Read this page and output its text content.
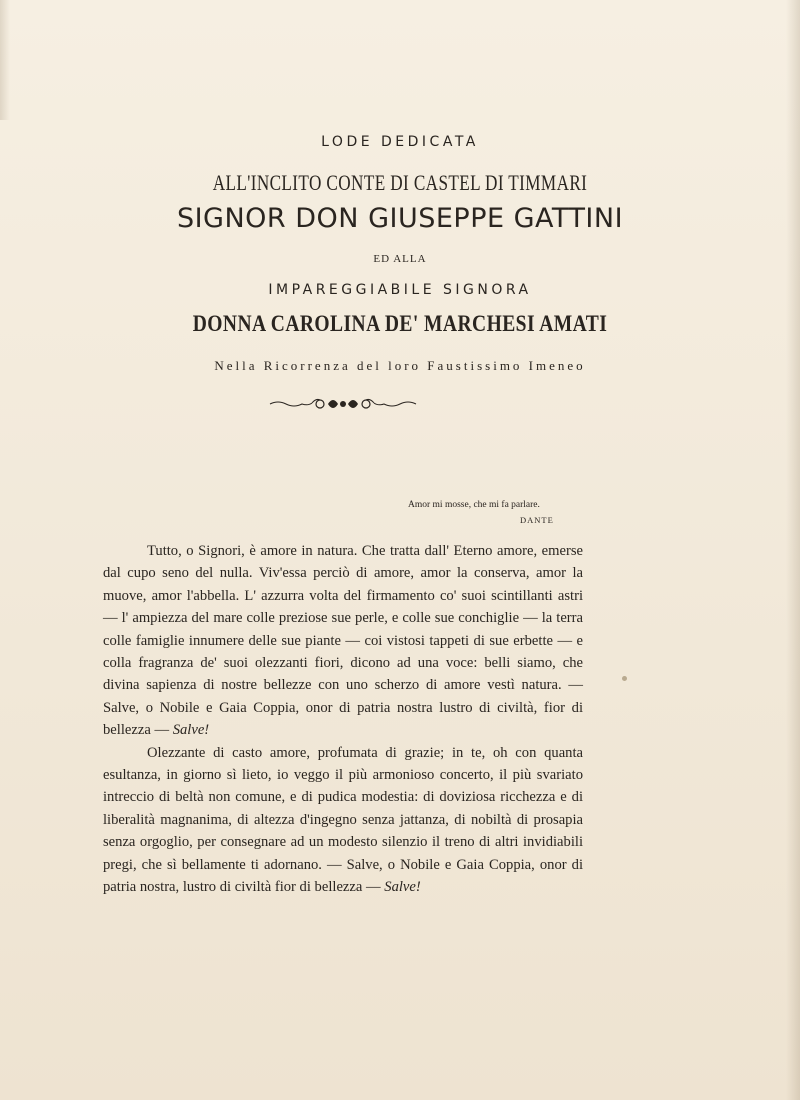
LODE DEDICATA
ALL'INCLITO CONTE DI CASTEL DI TIMMARI
SIGNOR DON GIUSEPPE GATTINI
ED ALLA
IMPAREGGIABILE SIGNORA
DONNA CAROLINA DE' MARCHESI AMATI
Nella Ricorrenza del loro Faustissimo Imeneo
Amor mi mosse, che mi fa parlare.
DANTE

Tutto, o Signori, è amore in natura. Che tratta dall' Eterno amore, emerse dal cupo seno del nulla. Viv'essa perciò di amore, amor la conserva, amor la muove, amor l'abbella. L' azzurra volta del firmamento co' suoi scintillanti astri — l' ampiezza del mare colle preziose sue perle, e colle sue conchiglie — la terra colle famiglie innumere delle sue piante — coi vistosi tappeti di sue erbette — e colla fragranza de' suoi olezzanti fiori, dicono ad una voce: belli siamo, che divina sapienza di nostre bellezze con uno scherzo di amore vestì natura. — Salve, o Nobile e Gaia Coppia, onor di patria nostra lustro di civiltà, fior di bellezza — Salve!

Olezzante di casto amore, profumata di grazie; in te, oh con quanta esultanza, in giorno sì lieto, io veggo il più armonioso concerto, il più svariato intreccio di beltà non comune, e di pudica modestia: di doviziosa ricchezza e di liberalità magnanima, di altezza d'ingegno senza jattanza, di nobiltà di prosapia senza orgoglio, per consegnare ad un modesto silenzio il treno di altri invidiabili pregi, che sì bellamente ti adornano. — Salve, o Nobile e Gaia Coppia, onor di patria nostra, lustro di civiltà fior di bellezza — Salve!
